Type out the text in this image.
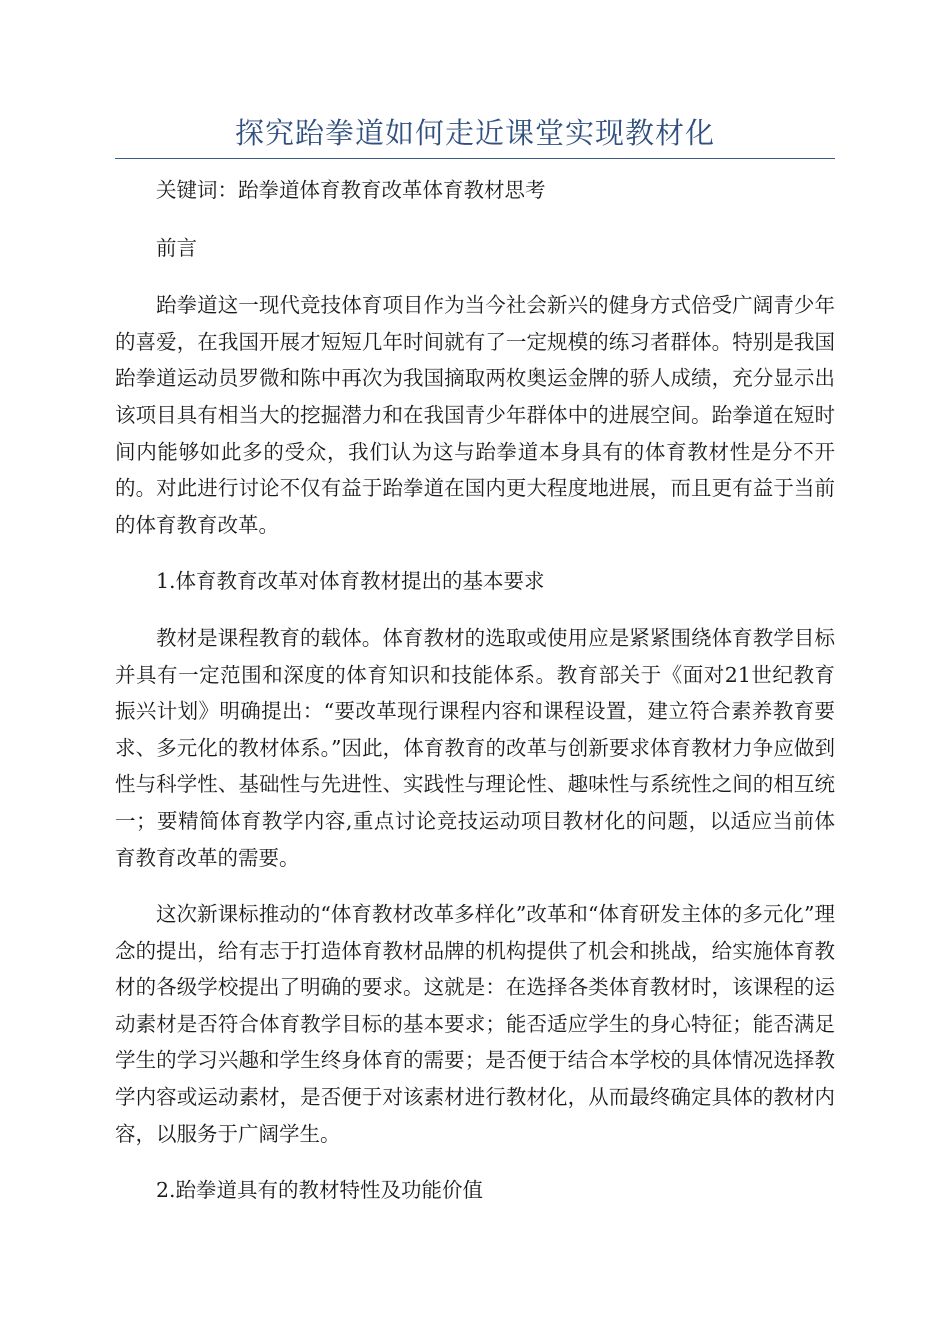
探究跆拳道如何走近课堂实现教材化

关键词：跆拳道体育教育改革体育教材思考

前言

跆拳道这一现代竞技体育项目作为当今社会新兴的健身方式倍受广阔青少年的喜爱，在我国开展才短短几年时间就有了一定规模的练习者群体。特别是我国跆拳道运动员罗微和陈中再次为我国摘取两枚奥运金牌的骄人成绩，充分显示出该项目具有相当大的挖掘潜力和在我国青少年群体中的进展空间。跆拳道在短时间内能够如此多的受众，我们认为这与跆拳道本身具有的体育教材性是分不开的。对此进行讨论不仅有益于跆拳道在国内更大程度地进展，而且更有益于当前的体育教育改革。

1.体育教育改革对体育教材提出的基本要求

教材是课程教育的载体。体育教材的选取或使用应是紧紧围绕体育教学目标并具有一定范围和深度的体育知识和技能体系。教育部关于《面对21世纪教育振兴计划》明确提出：“要改革现行课程内容和课程设置，建立符合素养教育要求、多元化的教材体系。”因此，体育教育的改革与创新要求体育教材力争应做到性与科学性、基础性与先进性、实践性与理论性、趣味性与系统性之间的相互统一；要精简体育教学内容,重点讨论竞技运动项目教材化的问题，以适应当前体育教育改革的需要。

这次新课标推动的“体育教材改革多样化”改革和“体育研发主体的多元化”理念的提出，给有志于打造体育教材品牌的机构提供了机会和挑战，给实施体育教材的各级学校提出了明确的要求。这就是：在选择各类体育教材时，该课程的运动素材是否符合体育教学目标的基本要求；能否适应学生的身心特征；能否满足学生的学习兴趣和学生终身体育的需要；是否便于结合本学校的具体情况选择教学内容或运动素材，是否便于对该素材进行教材化，从而最终确定具体的教材内容，以服务于广阔学生。

2.跆拳道具有的教材特性及功能价值
